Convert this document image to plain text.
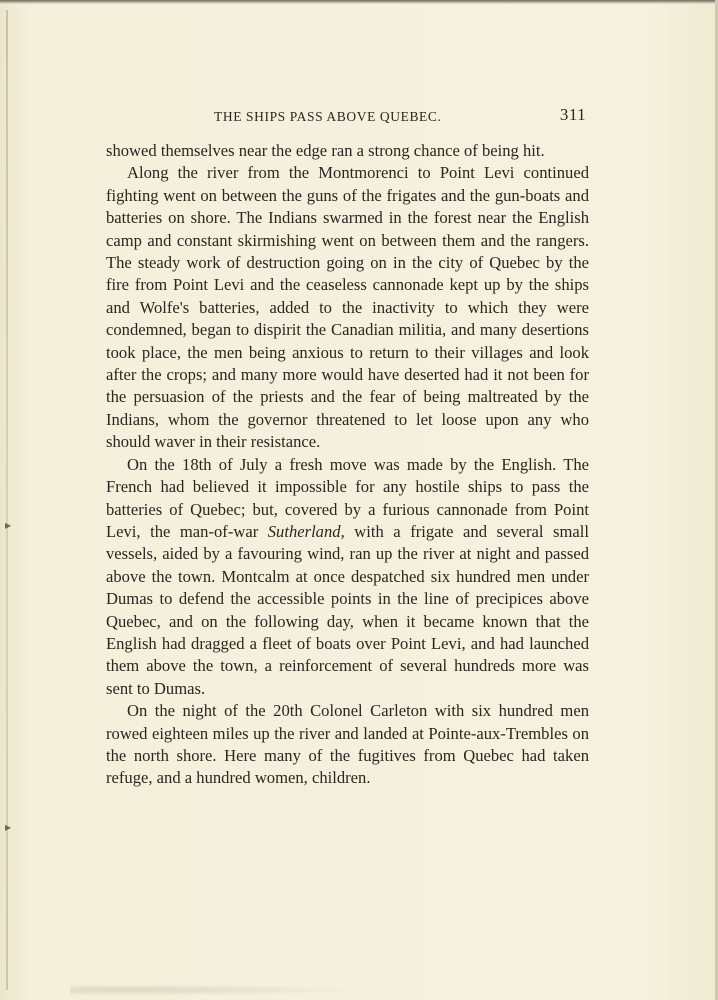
THE SHIPS PASS ABOVE QUEBEC.	311

showed themselves near the edge ran a strong chance of being hit.

Along the river from the Montmorenci to Point Levi continued fighting went on between the guns of the frigates and the gun-boats and batteries on shore. The Indians swarmed in the forest near the English camp and constant skirmishing went on between them and the rangers. The steady work of destruction going on in the city of Quebec by the fire from Point Levi and the ceaseless cannonade kept up by the ships and Wolfe's batteries, added to the inactivity to which they were condemned, began to dispirit the Canadian militia, and many desertions took place, the men being anxious to return to their villages and look after the crops; and many more would have deserted had it not been for the persuasion of the priests and the fear of being maltreated by the Indians, whom the governor threatened to let loose upon any who should waver in their resistance.

On the 18th of July a fresh move was made by the English. The French had believed it impossible for any hostile ships to pass the batteries of Quebec; but, covered by a furious cannonade from Point Levi, the man-of-war Sutherland, with a frigate and several small vessels, aided by a favouring wind, ran up the river at night and passed above the town. Montcalm at once despatched six hundred men under Dumas to defend the accessible points in the line of precipices above Quebec, and on the following day, when it became known that the English had dragged a fleet of boats over Point Levi, and had launched them above the town, a reinforcement of several hundreds more was sent to Dumas.

On the night of the 20th Colonel Carleton with six hundred men rowed eighteen miles up the river and landed at Pointe-aux-Trembles on the north shore. Here many of the fugitives from Quebec had taken refuge, and a hundred women, children.

▸
▸
